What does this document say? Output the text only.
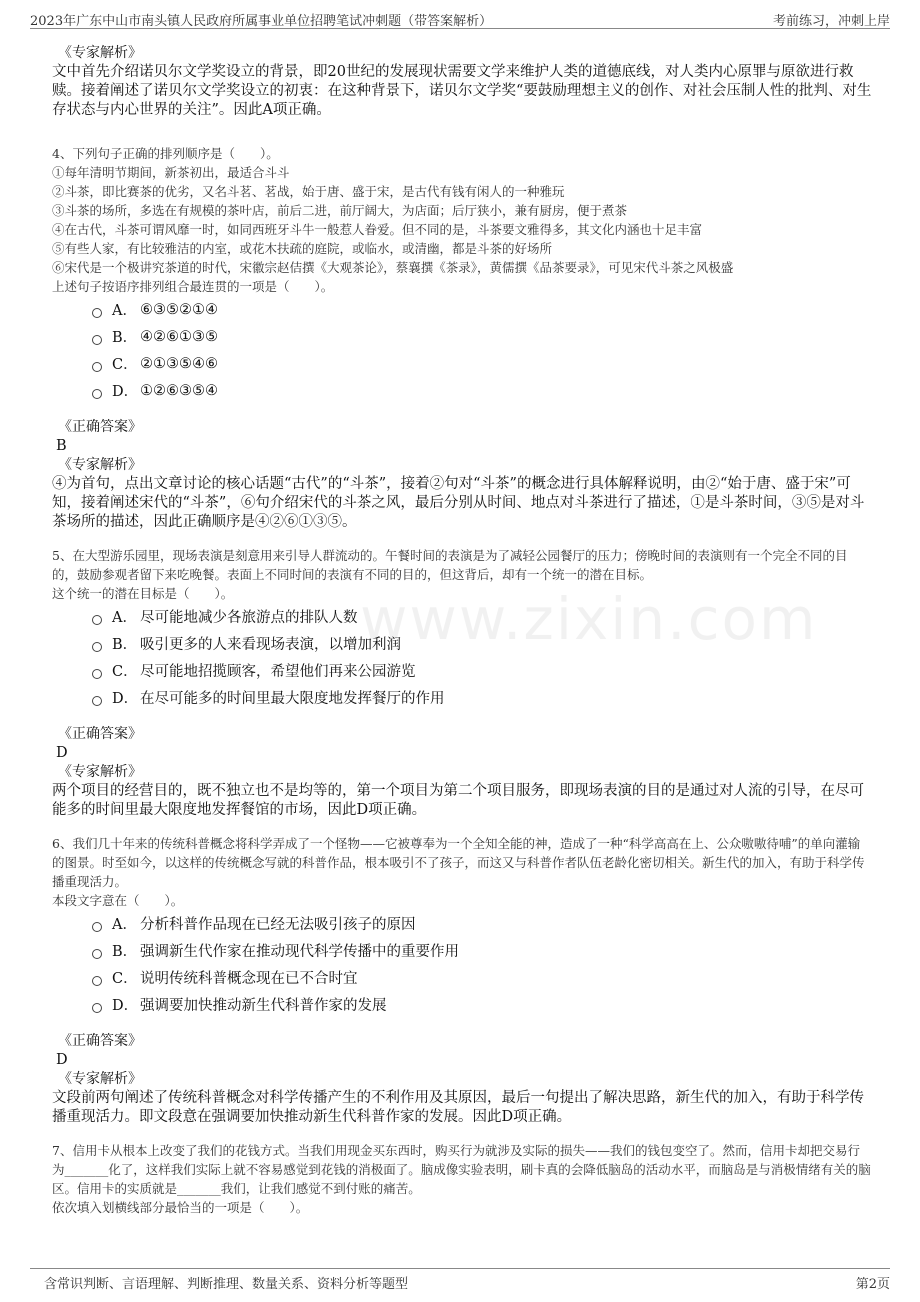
2023年广东中山市南头镇人民政府所属事业单位招聘笔试冲刺题（带答案解析）	考前练习，冲刺上岸
www.zixin.com

《专家解析》

文中首先介绍诺贝尔文学奖设立的背景，即20世纪的发展现状需要文学来维护人类的道德底线，对人类内心原罪与原欲进行救赎。接着阐述了诺贝尔文学奖设立的初衷：在这种背景下，诺贝尔文学奖“要鼓励理想主义的创作、对社会压制人性的批判、对生存状态与内心世界的关注”。因此A项正确。

4、下列句子正确的排列顺序是（　　）。

①每年清明节期间，新茶初出，最适合斗斗

②斗茶，即比赛茶的优劣，又名斗茗、茗战，始于唐、盛于宋，是古代有钱有闲人的一种雅玩

③斗茶的场所，多选在有规模的茶叶店，前后二进，前厅阔大，为店面；后厅狭小，兼有厨房，便于煮茶

④在古代，斗茶可谓风靡一时，如同西班牙斗牛一般惹人眷爱。但不同的是，斗茶要文雅得多，其文化内涵也十足丰富

⑤有些人家，有比较雅洁的内室，或花木扶疏的庭院，或临水，或清幽，都是斗茶的好场所

⑥宋代是一个极讲究茶道的时代，宋徽宗赵佶撰《大观茶论》，蔡襄撰《茶录》，黄儒撰《品茶要录》，可见宋代斗茶之风极盛

上述句子按语序排列组合最连贯的一项是（　　）。

A． ⑥③⑤②①④
B． ④②⑥①③⑤
C． ②①③⑤④⑥
D． ①②⑥③⑤④

《正确答案》

B

《专家解析》

④为首句，点出文章讨论的核心话题“古代”的“斗茶”，接着②句对“斗茶”的概念进行具体解释说明，由②“始于唐、盛于宋”可知，接着阐述宋代的“斗茶”，⑥句介绍宋代的斗茶之风，最后分别从时间、地点对斗茶进行了描述，①是斗茶时间，③⑤是对斗茶场所的描述，因此正确顺序是④②⑥①③⑤。

5、在大型游乐园里，现场表演是刻意用来引导人群流动的。午餐时间的表演是为了减轻公园餐厅的压力；傍晚时间的表演则有一个完全不同的目的，鼓励参观者留下来吃晚餐。表面上不同时间的表演有不同的目的，但这背后，却有一个统一的潜在目标。

这个统一的潜在目标是（　　）。

A． 尽可能地减少各旅游点的排队人数
B． 吸引更多的人来看现场表演，以增加利润
C． 尽可能地招揽顾客，希望他们再来公园游览
D． 在尽可能多的时间里最大限度地发挥餐厅的作用

《正确答案》

D

《专家解析》

两个项目的经营目的，既不独立也不是均等的，第一个项目为第二个项目服务，即现场表演的目的是通过对人流的引导，在尽可能多的时间里最大限度地发挥餐馆的市场，因此D项正确。

6、我们几十年来的传统科普概念将科学弄成了一个怪物——它被尊奉为一个全知全能的神，造成了一种“科学高高在上、公众嗷嗷待哺”的单向灌输的图景。时至如今，以这样的传统概念写就的科普作品，根本吸引不了孩子，而这又与科普作者队伍老龄化密切相关。新生代的加入，有助于科学传播重现活力。

本段文字意在（　　）。

A． 分析科普作品现在已经无法吸引孩子的原因
B． 强调新生代作家在推动现代科学传播中的重要作用
C． 说明传统科普概念现在已不合时宜
D． 强调要加快推动新生代科普作家的发展

《正确答案》

D

《专家解析》

文段前两句阐述了传统科普概念对科学传播产生的不利作用及其原因，最后一句提出了解决思路，新生代的加入，有助于科学传播重现活力。即文段意在强调要加快推动新生代科普作家的发展。因此D项正确。

7、信用卡从根本上改变了我们的花钱方式。当我们用现金买东西时，购买行为就涉及实际的损失——我们的钱包变空了。然而，信用卡却把交易行为_______化了，这样我们实际上就不容易感觉到花钱的消极面了。脑成像实验表明，刷卡真的会降低脑岛的活动水平，而脑岛是与消极情绪有关的脑区。信用卡的实质就是_______我们，让我们感觉不到付账的痛苦。

依次填入划横线部分最恰当的一项是（　　）。

含常识判断、言语理解、判断推理、数量关系、资料分析等题型	第2页
